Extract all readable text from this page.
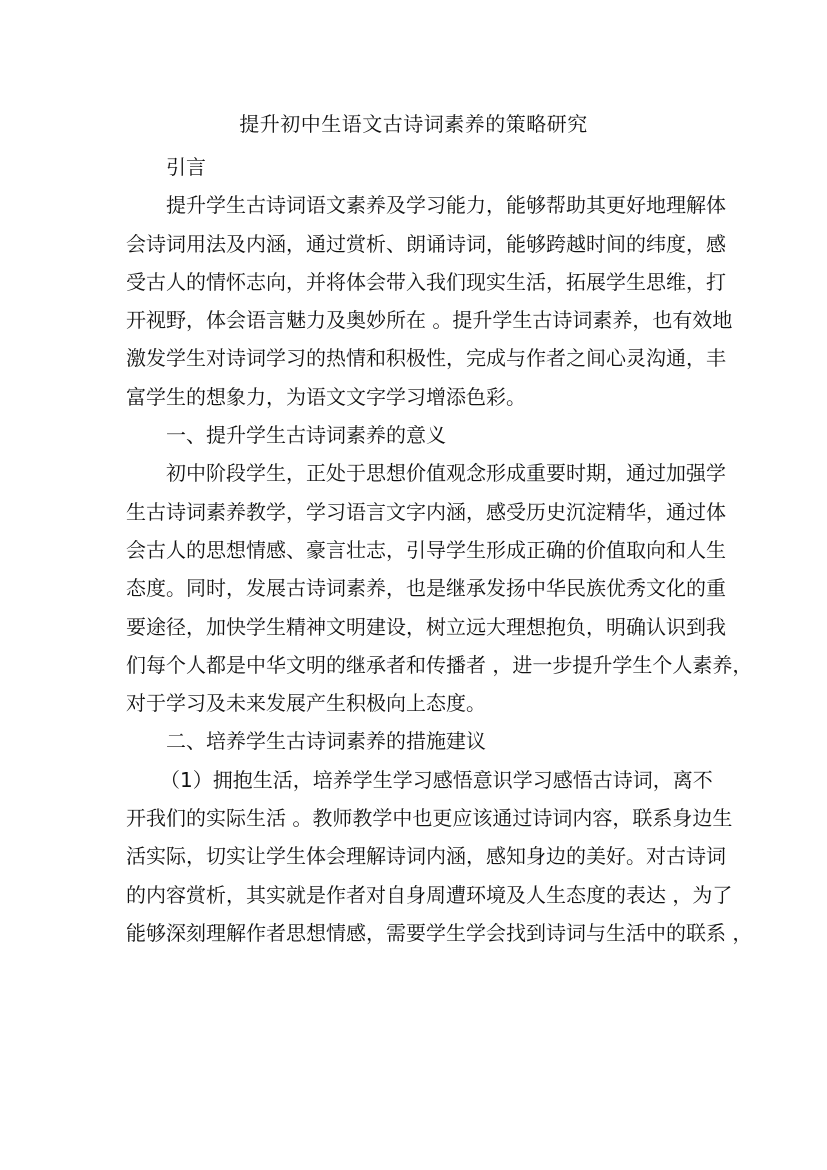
提升初中生语文古诗词素养的策略研究
引言
提升学生古诗词语文素养及学习能力，能够帮助其更好地理解体
会诗词用法及内涵，通过赏析、朗诵诗词，能够跨越时间的纬度，感
受古人的情怀志向，并将体会带入我们现实生活，拓展学生思维，打
开视野，体会语言魅力及奥妙所在 。提升学生古诗词素养，也有效地
激发学生对诗词学习的热情和积极性，完成与作者之间心灵沟通，丰
富学生的想象力，为语文文字学习增添色彩。
一、提升学生古诗词素养的意义
初中阶段学生，正处于思想价值观念形成重要时期，通过加强学
生古诗词素养教学，学习语言文字内涵，感受历史沉淀精华，通过体
会古人的思想情感、豪言壮志，引导学生形成正确的价值取向和人生
态度。同时，发展古诗词素养，也是继承发扬中华民族优秀文化的重
要途径，加快学生精神文明建设，树立远大理想抱负，明确认识到我
们每个人都是中华文明的继承者和传播者 ，进一步提升学生个人素养，
对于学习及未来发展产生积极向上态度。
二、培养学生古诗词素养的措施建议
（1）拥抱生活，培养学生学习感悟意识学习感悟古诗词，离不
开我们的实际生活 。教师教学中也更应该通过诗词内容，联系身边生
活实际，切实让学生体会理解诗词内涵，感知身边的美好。对古诗词
的内容赏析，其实就是作者对自身周遭环境及人生态度的表达 ，为了
能够深刻理解作者思想情感，需要学生学会找到诗词与生活中的联系 ，
